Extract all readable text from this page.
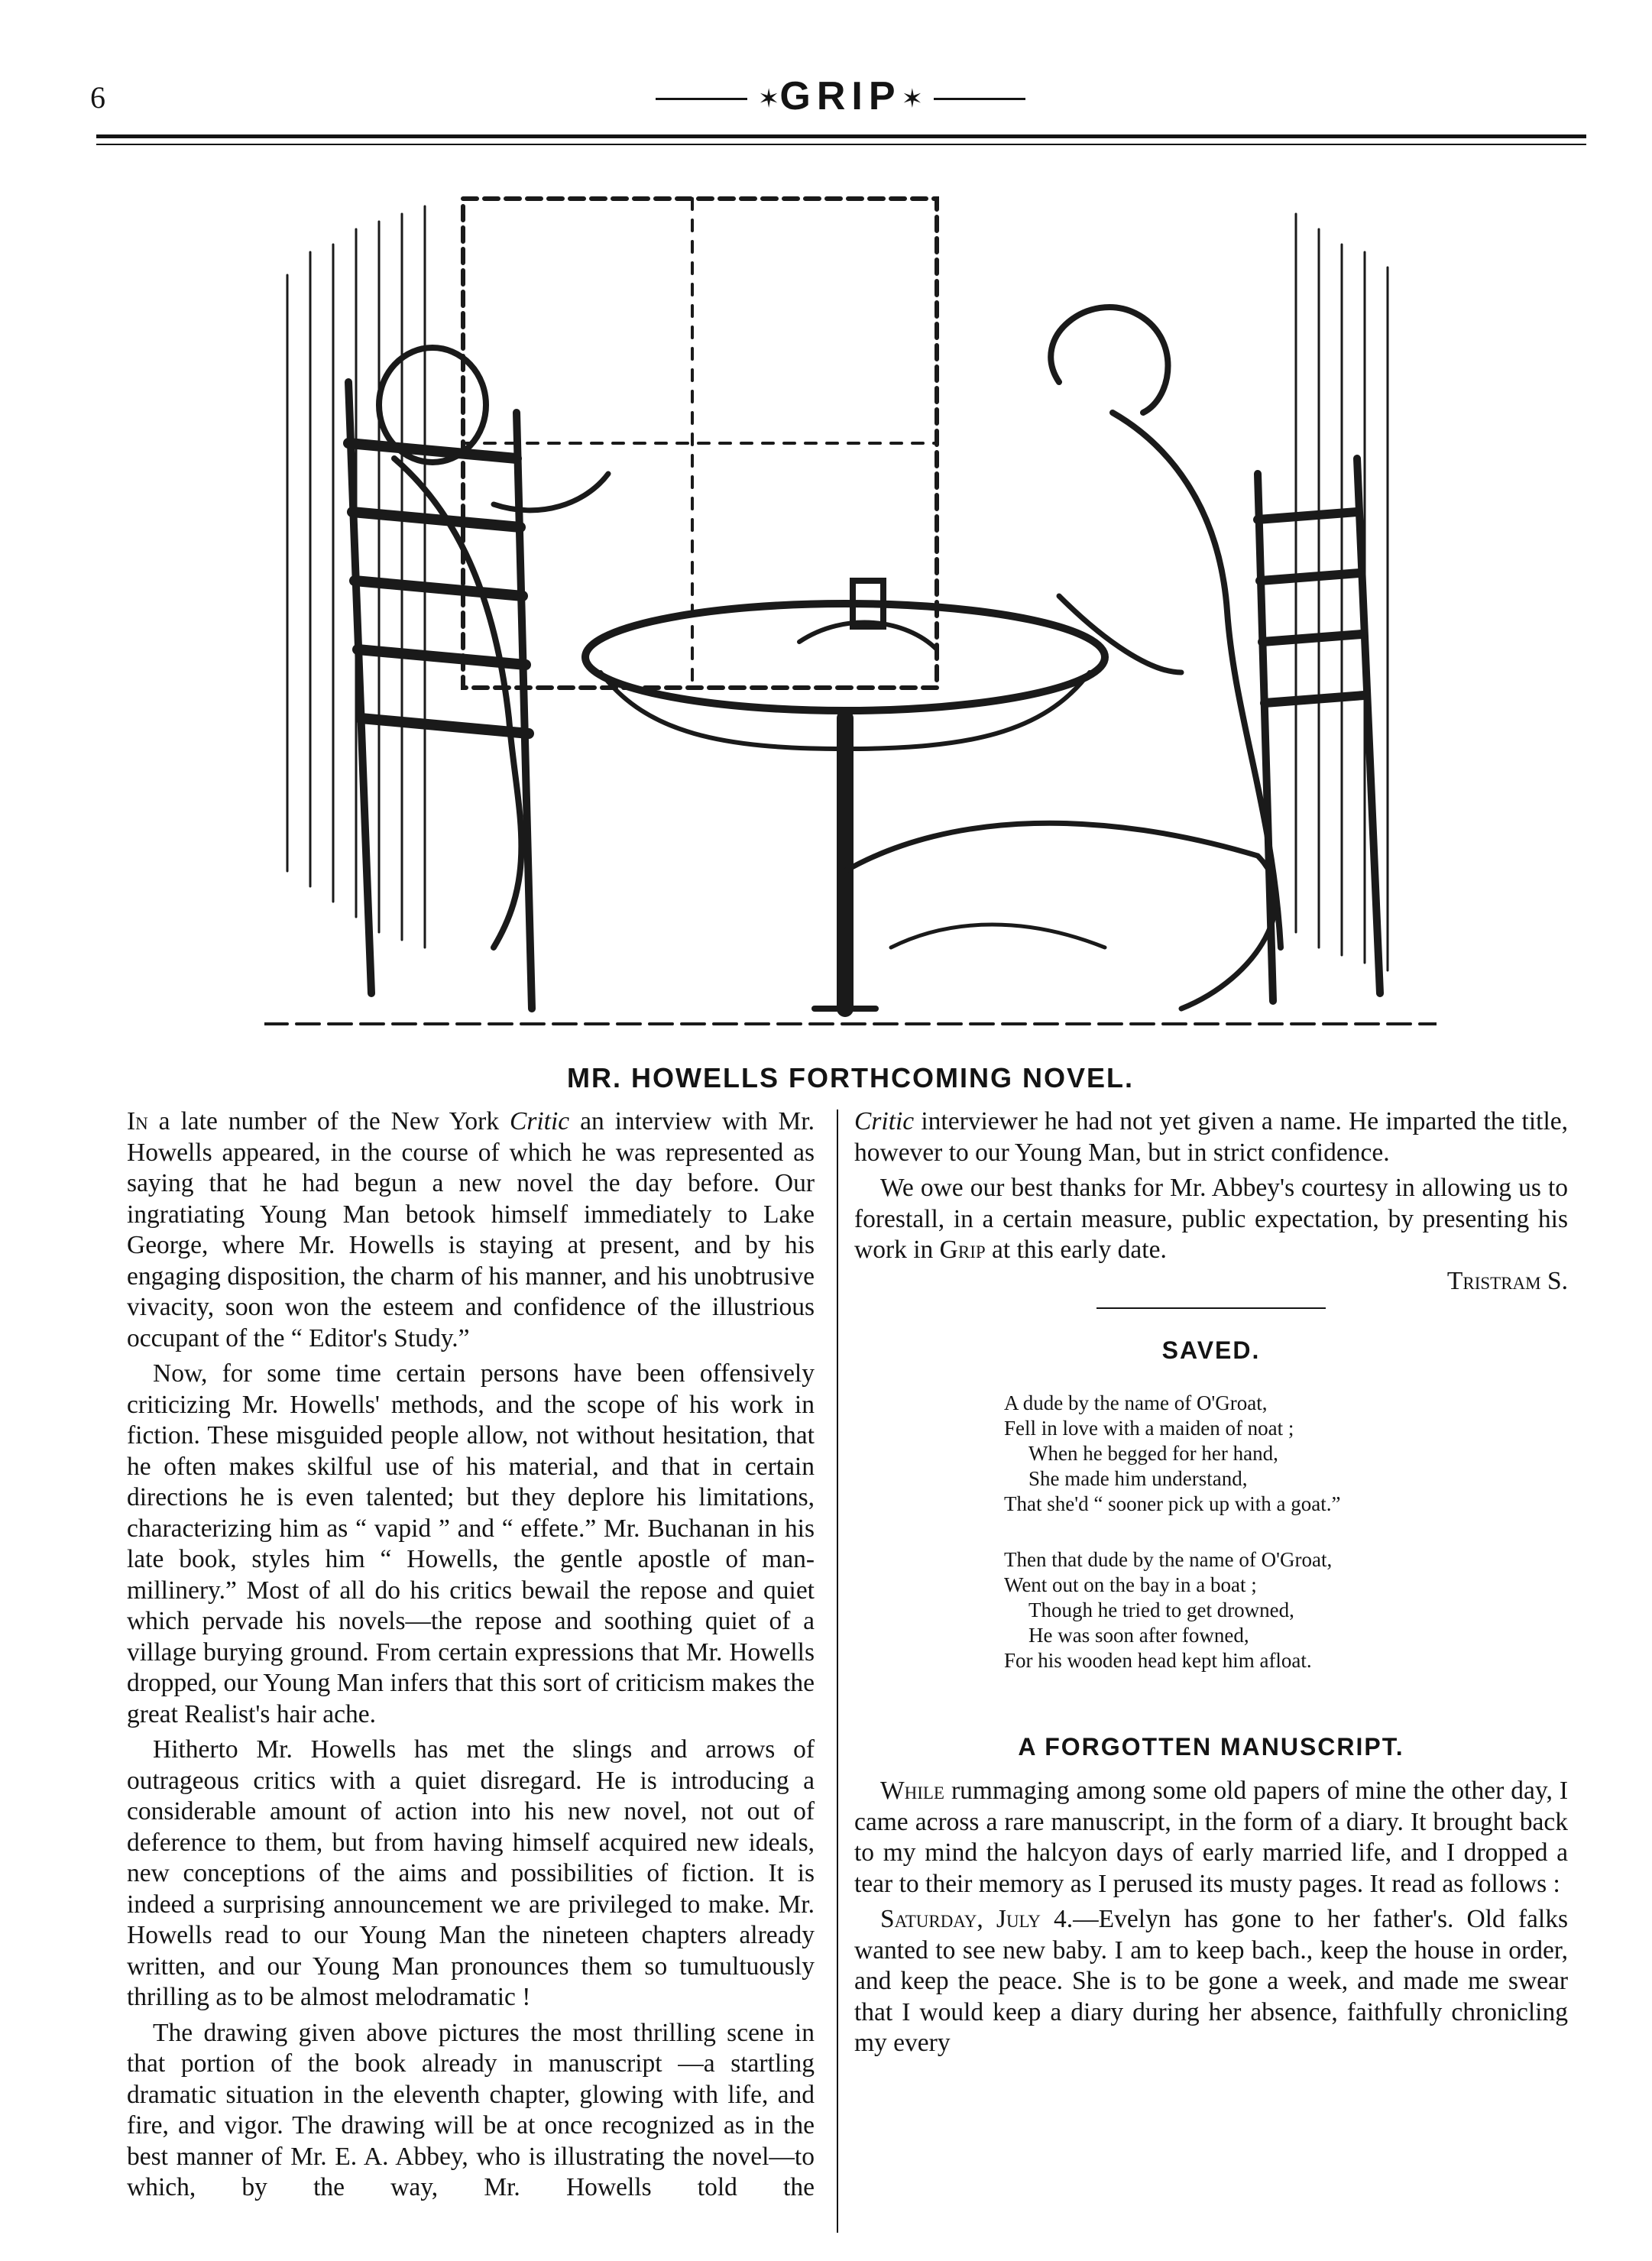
6	✶GRIP✶
MR. HOWELLS FORTHCOMING NOVEL.

In a late number of the New York Critic an interview with Mr. Howells appeared, in the course of which he was represented as saying that he had begun a new novel the day before. Our ingratiating Young Man betook himself immediately to Lake George, where Mr. Howells is staying at present, and by his engaging disposition, the charm of his manner, and his unobtrusive vivacity, soon won the esteem and confidence of the illustrious occupant of the “ Editor's Study.”

Now, for some time certain persons have been offensively criticizing Mr. Howells' methods, and the scope of his work in fiction. These misguided people allow, not without hesitation, that he often makes skilful use of his material, and that in certain directions he is even talented; but they deplore his limitations, characterizing him as “ vapid ” and “ effete.” Mr. Buchanan in his late book, styles him “ Howells, the gentle apostle of man-millinery.” Most of all do his critics bewail the repose and quiet which pervade his novels—the repose and soothing quiet of a village burying ground. From certain expressions that Mr. Howells dropped, our Young Man infers that this sort of criticism makes the great Realist's hair ache.

Hitherto Mr. Howells has met the slings and arrows of outrageous critics with a quiet disregard. He is introducing a considerable amount of action into his new novel, not out of deference to them, but from having himself acquired new ideals, new conceptions of the aims and possibilities of fiction. It is indeed a surprising announcement we are privileged to make. Mr. Howells read to our Young Man the nineteen chapters already written, and our Young Man pronounces them so tumultuously thrilling as to be almost melodramatic !

The drawing given above pictures the most thrilling scene in that portion of the book already in manuscript —a startling dramatic situation in the eleventh chapter, glowing with life, and fire, and vigor. The drawing will be at once recognized as in the best manner of Mr. E. A. Abbey, who is illustrating the novel—to which, by the way, Mr. Howells told the

Critic interviewer he had not yet given a name. He imparted the title, however to our Young Man, but in strict confidence.

We owe our best thanks for Mr. Abbey's courtesy in allowing us to forestall, in a certain measure, public expectation, by presenting his work in Grip at this early date.

Tristram S.
SAVED.
A dude by the name of O'Groat,
Fell in love with a maiden of noat ;
When he begged for her hand,
She made him understand,
That she'd “ sooner pick up with a goat.”
Then that dude by the name of O'Groat,
Went out on the bay in a boat ;
Though he tried to get drowned,
He was soon after fowned,
For his wooden head kept him afloat.
A FORGOTTEN MANUSCRIPT.

While rummaging among some old papers of mine the other day, I came across a rare manuscript, in the form of a diary. It brought back to my mind the halcyon days of early married life, and I dropped a tear to their memory as I perused its musty pages. It read as follows :

Saturday, July 4.—Evelyn has gone to her father's. Old falks wanted to see new baby. I am to keep bach., keep the house in order, and keep the peace. She is to be gone a week, and made me swear that I would keep a diary during her absence, faithfully chronicling my every
